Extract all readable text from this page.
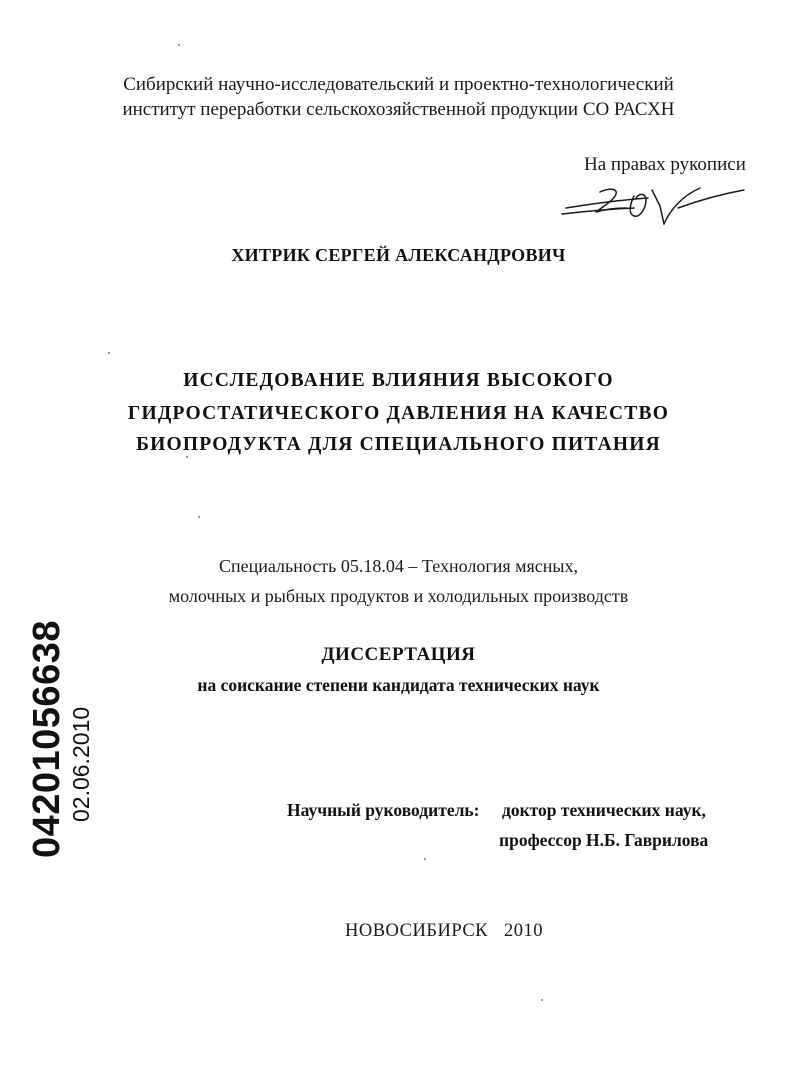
Сибирский научно-исследовательский и проектно-технологический
институт переработки сельскохозяйственной продукции СО РАСХН
На правах рукописи
ХИТРИК СЕРГЕЙ АЛЕКСАНДРОВИЧ
ИССЛЕДОВАНИЕ ВЛИЯНИЯ ВЫСОКОГО
ГИДРОСТАТИЧЕСКОГО ДАВЛЕНИЯ НА КАЧЕСТВО
БИОПРОДУКТА ДЛЯ СПЕЦИАЛЬНОГО ПИТАНИЯ
Специальность 05.18.04 – Технология мясных,
молочных и рыбных продуктов и холодильных производств
ДИССЕРТАЦИЯ
на соискание степени кандидата технических наук
Научный руководитель: доктор технических наук,
профессор Н.Б. Гаврилова
НОВОСИБИРСК 2010
04201056638 02.06.2010
